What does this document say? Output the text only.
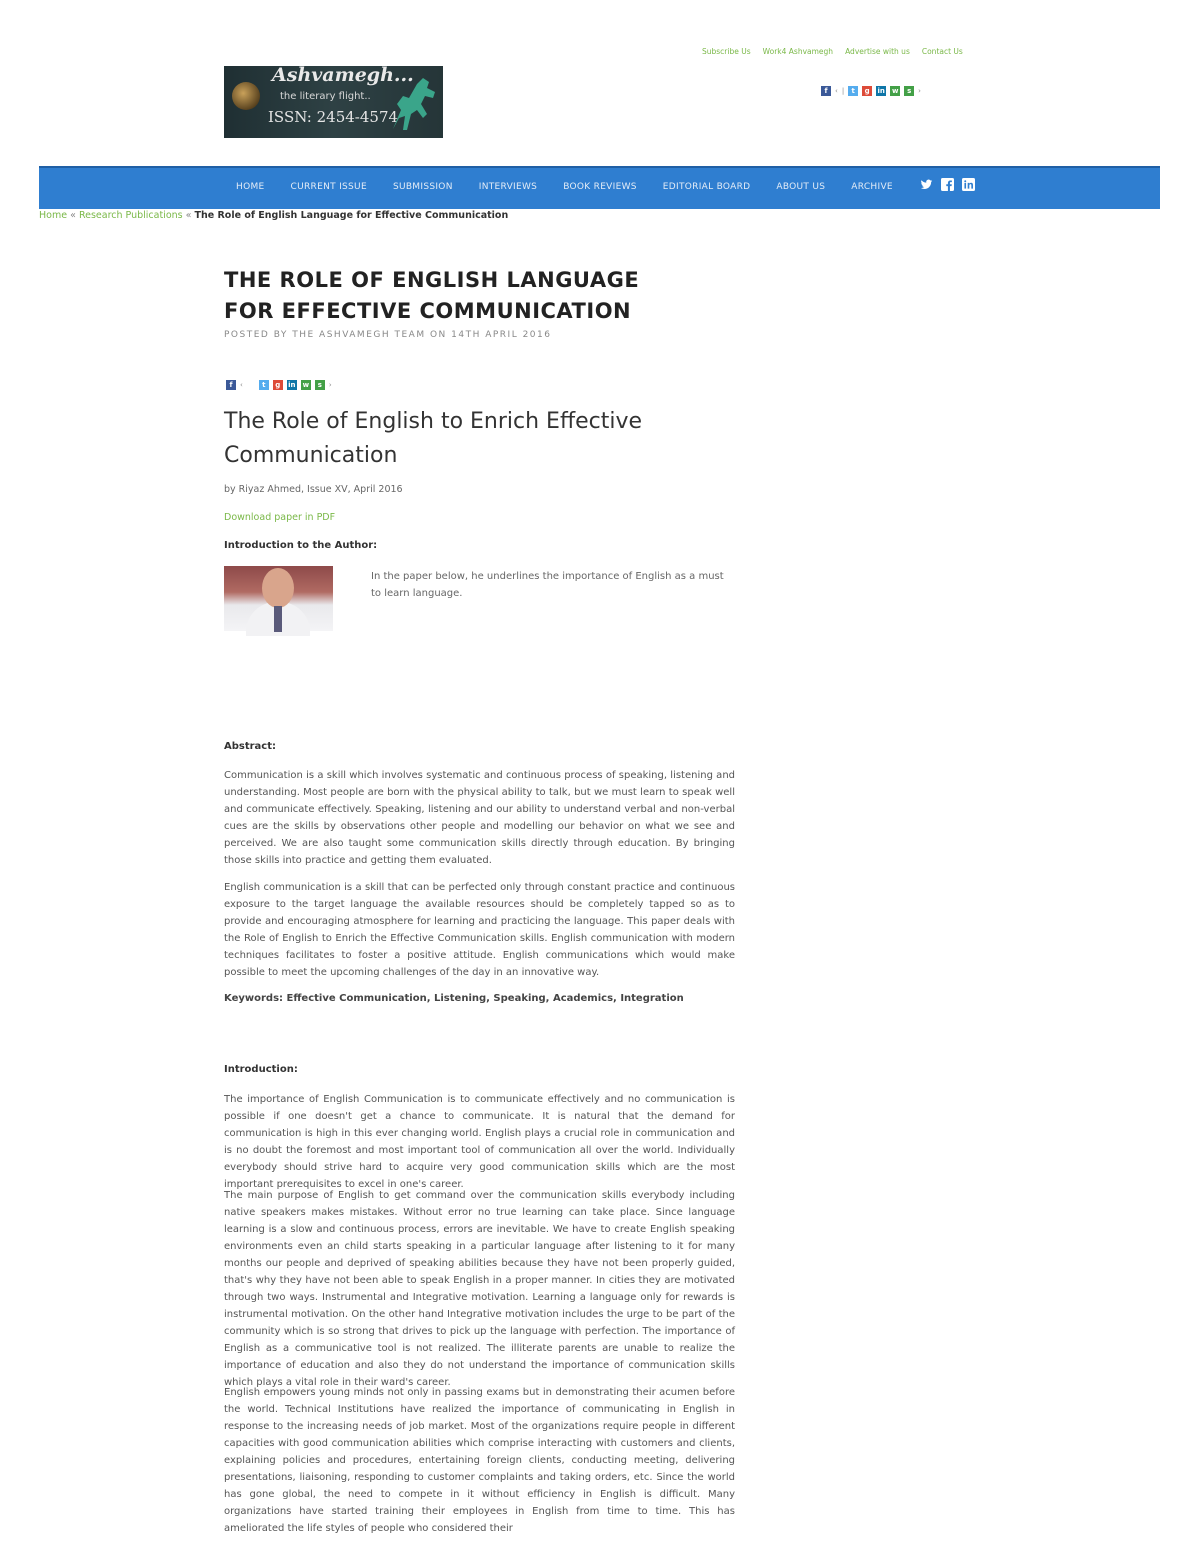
Subscribe Us Work4 Ashvamegh Advertise with us Contact Us
Ashvamegh...
the literary flight..
ISSN: 2454-4574
f	‹ |	t	g	in w	s ›
HOME	CURRENT ISSUE	SUBMISSION	INTERVIEWS	BOOK REVIEWS	EDITORIAL BOARD	ABOUT US	ARCHIVE
Home « Research Publications « The Role of English Language for Effective Communication
THE ROLE OF ENGLISH LANGUAGE FOR EFFECTIVE COMMUNICATION
POSTED BY THE ASHVAMEGH TEAM ON 14TH APRIL 2016
f	‹	t	g	in w	s ›
The Role of English to Enrich Effective Communication
by Riyaz Ahmed, Issue XV, April 2016
Download paper in PDF
Introduction to the Author:
In the paper below, he underlines the importance of English as a must to learn language.
Abstract:

Communication is a skill which involves systematic and continuous process of speaking, listening and understanding. Most people are born with the physical ability to talk, but we must learn to speak well and communicate effectively. Speaking, listening and our ability to understand verbal and non-verbal cues are the skills by observations other people and modelling our behavior on what we see and perceived. We are also taught some communication skills directly through education. By bringing those skills into practice and getting them evaluated.

English communication is a skill that can be perfected only through constant practice and continuous exposure to the target language the available resources should be completely tapped so as to provide and encouraging atmosphere for learning and practicing the language. This paper deals with the Role of English to Enrich the Effective Communication skills. English communication with modern techniques facilitates to foster a positive attitude. English communications which would make possible to meet the upcoming challenges of the day in an innovative way.

Keywords: Effective Communication, Listening, Speaking, Academics, Integration
Introduction:

The importance of English Communication is to communicate effectively and no communication is possible if one doesn't get a chance to communicate. It is natural that the demand for communication is high in this ever changing world. English plays a crucial role in communication and is no doubt the foremost and most important tool of communication all over the world. Individually everybody should strive hard to acquire very good communication skills which are the most important prerequisites to excel in one's career.

The main purpose of English to get command over the communication skills everybody including native speakers makes mistakes. Without error no true learning can take place. Since language learning is a slow and continuous process, errors are inevitable. We have to create English speaking environments even an child starts speaking in a particular language after listening to it for many months our people and deprived of speaking abilities because they have not been properly guided, that's why they have not been able to speak English in a proper manner. In cities they are motivated through two ways. Instrumental and Integrative motivation. Learning a language only for rewards is instrumental motivation. On the other hand Integrative motivation includes the urge to be part of the community which is so strong that drives to pick up the language with perfection. The importance of English as a communicative tool is not realized. The illiterate parents are unable to realize the importance of education and also they do not understand the importance of communication skills which plays a vital role in their ward's career.

English empowers young minds not only in passing exams but in demonstrating their acumen before the world. Technical Institutions have realized the importance of communicating in English in response to the increasing needs of job market. Most of the organizations require people in different capacities with good communication abilities which comprise interacting with customers and clients, explaining policies and procedures, entertaining foreign clients, conducting meeting, delivering presentations, liaisoning, responding to customer complaints and taking orders, etc. Since the world has gone global, the need to compete in it without efficiency in English is difficult. Many organizations have started training their employees in English from time to time. This has ameliorated the life styles of people who considered their
